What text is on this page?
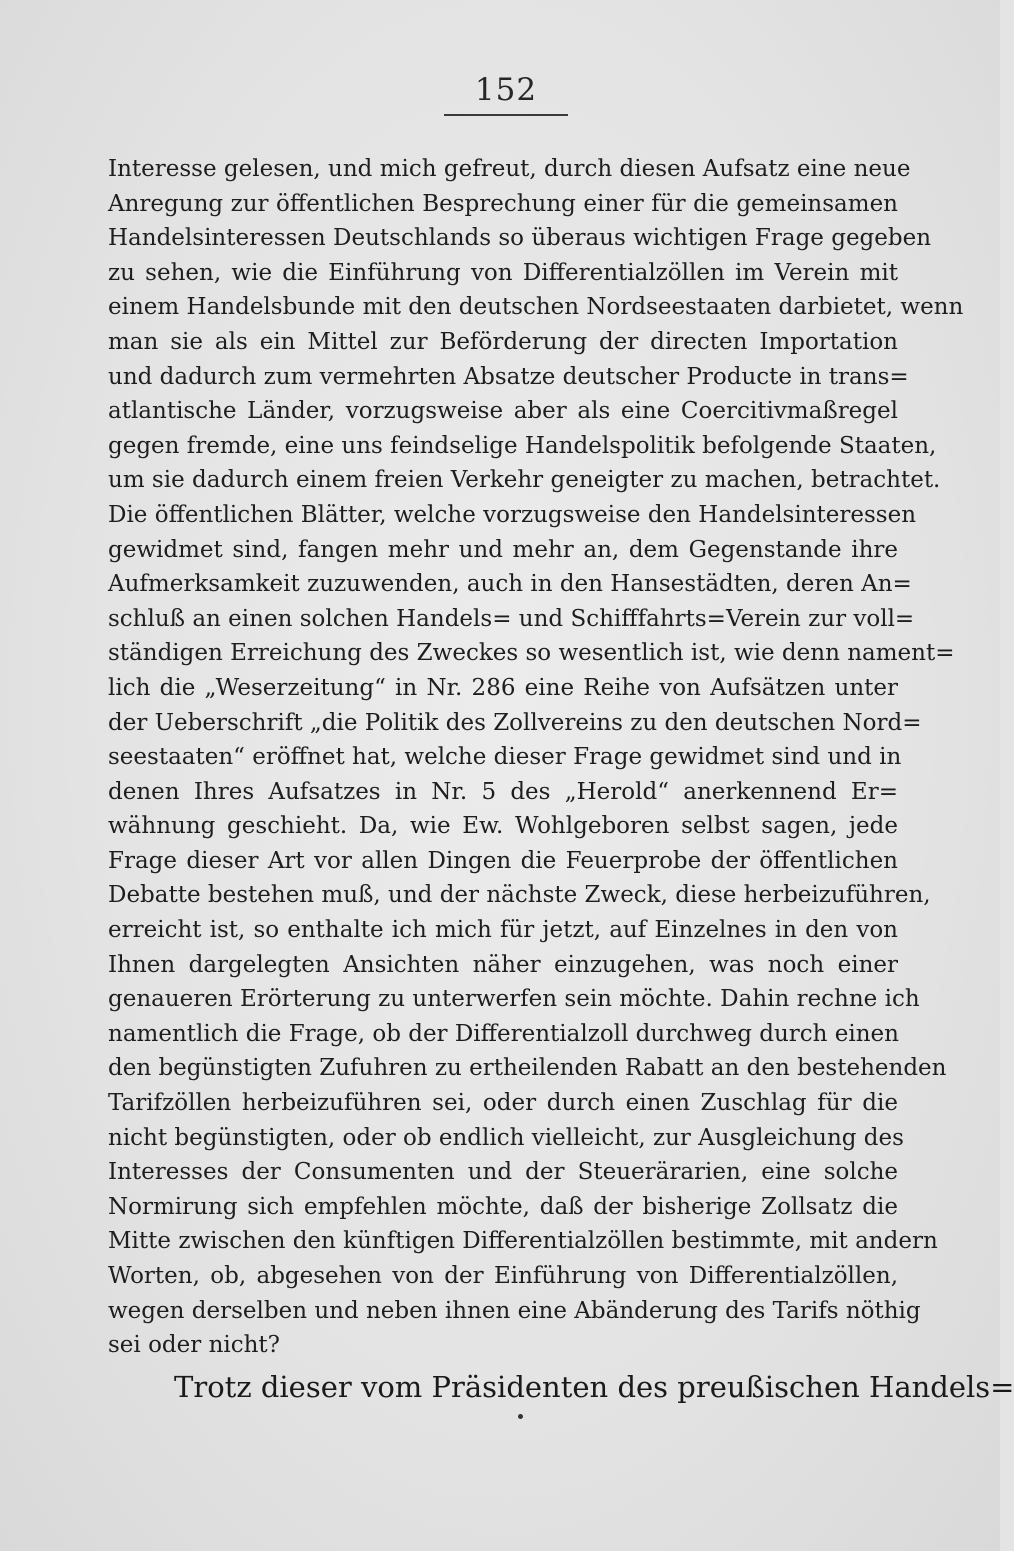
152
Interesse gelesen, und mich gefreut, durch diesen Aufsatz eine neue
Anregung zur öffentlichen Besprechung einer für die gemeinsamen
Handelsinteressen Deutschlands so überaus wichtigen Frage gegeben
zu sehen, wie die Einführung von Differentialzöllen im Verein mit
einem Handelsbunde mit den deutschen Nordseestaaten darbietet, wenn
man sie als ein Mittel zur Beförderung der directen Importation
und dadurch zum vermehrten Absatze deutscher Producte in trans=
atlantische Länder, vorzugsweise aber als eine Coercitivmaßregel
gegen fremde, eine uns feindselige Handelspolitik befolgende Staaten,
um sie dadurch einem freien Verkehr geneigter zu machen, betrachtet.
Die öffentlichen Blätter, welche vorzugsweise den Handelsinteressen
gewidmet sind, fangen mehr und mehr an, dem Gegenstande ihre
Aufmerksamkeit zuzuwenden, auch in den Hansestädten, deren An=
schluß an einen solchen Handels= und Schifffahrts=Verein zur voll=
ständigen Erreichung des Zweckes so wesentlich ist, wie denn nament=
lich die „Weserzeitung“ in Nr. 286 eine Reihe von Aufsätzen unter
der Ueberschrift „die Politik des Zollvereins zu den deutschen Nord=
seestaaten“ eröffnet hat, welche dieser Frage gewidmet sind und in
denen Ihres Aufsatzes in Nr. 5 des „Herold“ anerkennend Er=
wähnung geschieht. Da, wie Ew. Wohlgeboren selbst sagen, jede
Frage dieser Art vor allen Dingen die Feuerprobe der öffentlichen
Debatte bestehen muß, und der nächste Zweck, diese herbeizuführen,
erreicht ist, so enthalte ich mich für jetzt, auf Einzelnes in den von
Ihnen dargelegten Ansichten näher einzugehen, was noch einer
genaueren Erörterung zu unterwerfen sein möchte. Dahin rechne ich
namentlich die Frage, ob der Differentialzoll durchweg durch einen
den begünstigten Zufuhren zu ertheilenden Rabatt an den bestehenden
Tarifzöllen herbeizuführen sei, oder durch einen Zuschlag für die
nicht begünstigten, oder ob endlich vielleicht, zur Ausgleichung des
Interesses der Consumenten und der Steuerärarien, eine solche
Normirung sich empfehlen möchte, daß der bisherige Zollsatz die
Mitte zwischen den künftigen Differentialzöllen bestimmte, mit andern
Worten, ob, abgesehen von der Einführung von Differentialzöllen,
wegen derselben und neben ihnen eine Abänderung des Tarifs nöthig
sei oder nicht?
Trotz dieser vom Präsidenten des preußischen Handels=
